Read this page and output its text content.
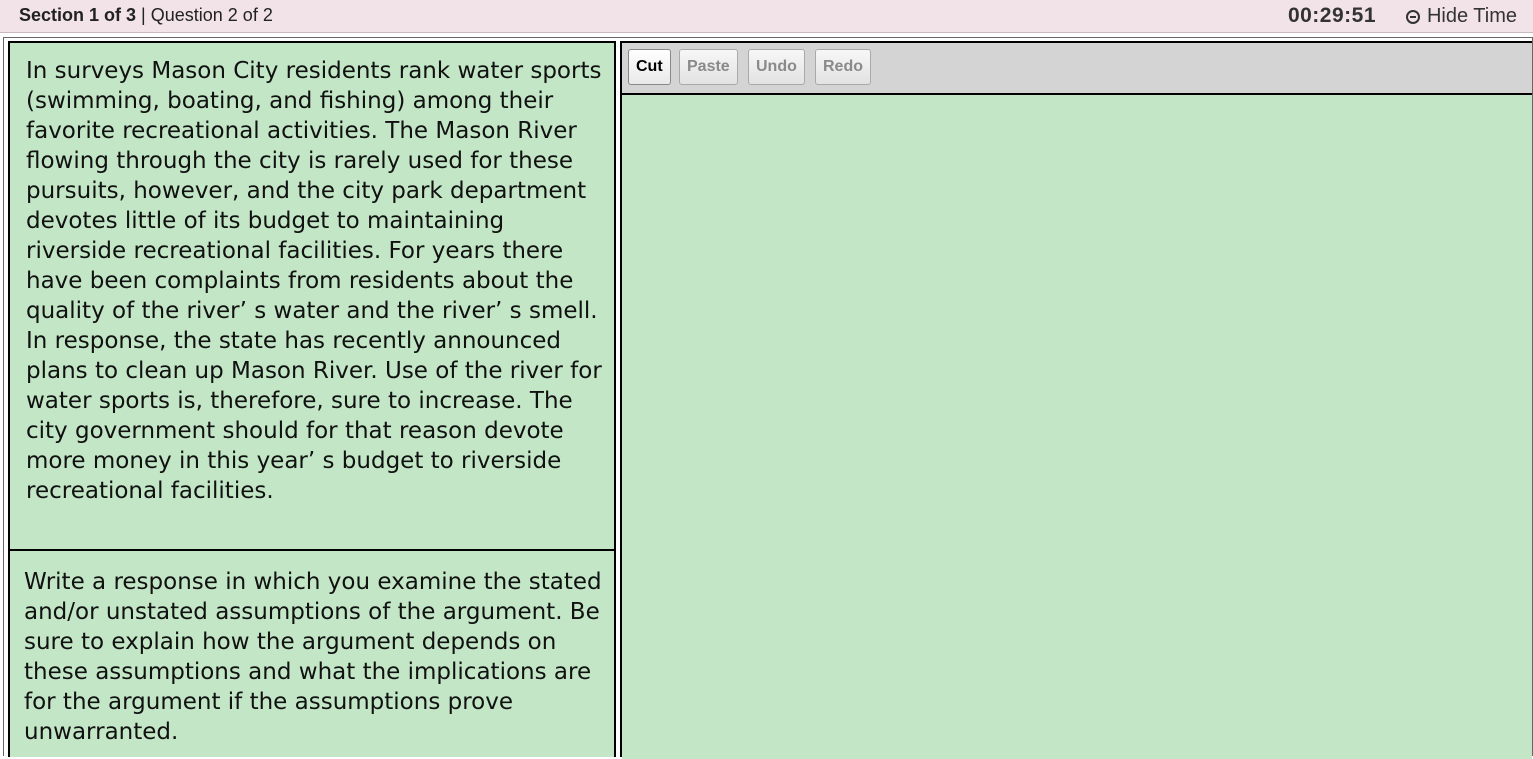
Section 1 of 3 | Question 2 of 2	00:29:51	Hide Time
In surveys Mason City residents rank water sports (swimming, boating, and fishing) among their favorite recreational activities. The Mason River flowing through the city is rarely used for these pursuits, however, and the city park department devotes little of its budget to maintaining riverside recreational facilities. For years there have been complaints from residents about the quality of the river’ s water and the river’ s smell. In response, the state has recently announced plans to clean up Mason River. Use of the river for water sports is, therefore, sure to increase. The city government should for that reason devote more money in this year’ s budget to riverside recreational facilities.
Write a response in which you examine the stated and/or unstated assumptions of the argument. Be sure to explain how the argument depends on these assumptions and what the implications are for the argument if the assumptions prove unwarranted.
Cut	Paste	Undo	Redo
